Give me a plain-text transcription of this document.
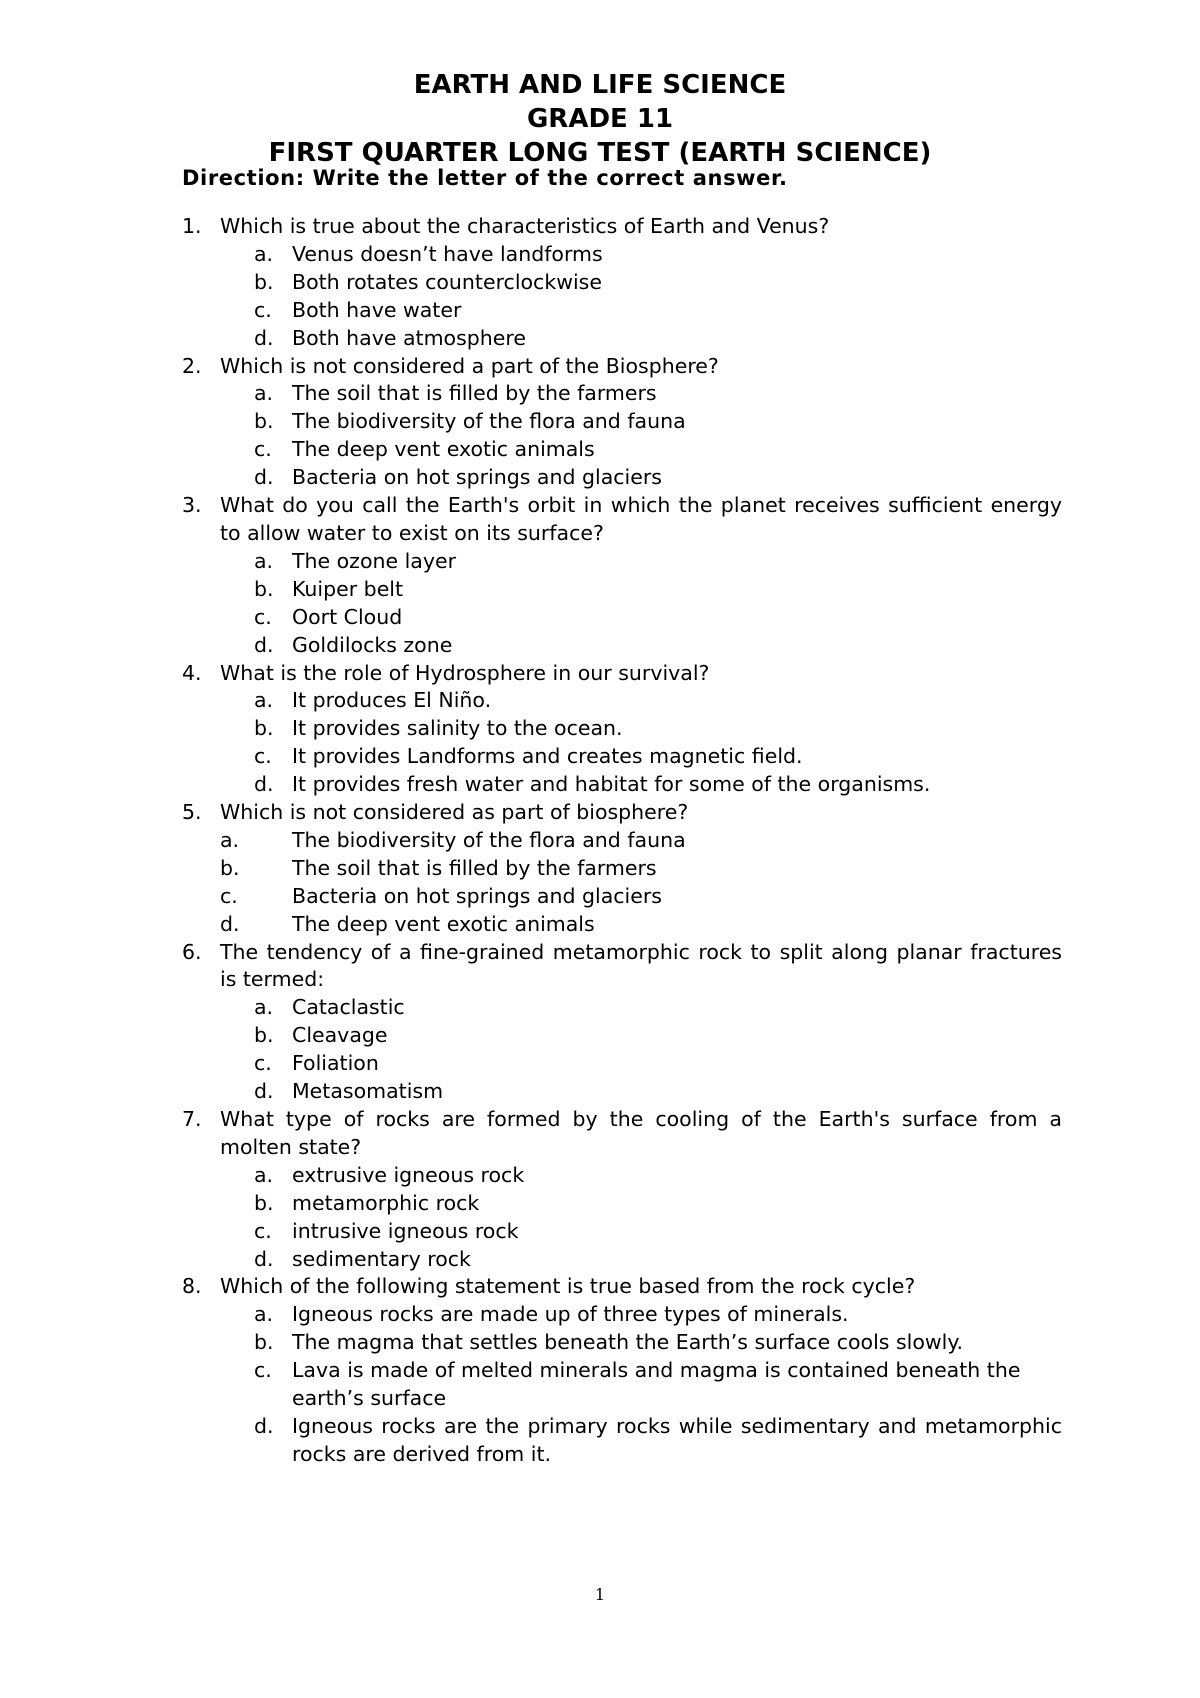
EARTH AND LIFE SCIENCE
GRADE 11
FIRST QUARTER LONG TEST (EARTH SCIENCE)
Direction: Write the letter of the correct answer.
1. Which is true about the characteristics of Earth and Venus?
a. Venus doesn’t have landforms
b. Both rotates counterclockwise
c. Both have water
d. Both have atmosphere
2. Which is not considered a part of the Biosphere?
a. The soil that is filled by the farmers
b. The biodiversity of the flora and fauna
c. The deep vent exotic animals
d. Bacteria on hot springs and glaciers
3. What do you call the Earth's orbit in which the planet receives sufficient energy to allow water to exist on its surface?
a. The ozone layer
b. Kuiper belt
c. Oort Cloud
d. Goldilocks zone
4. What is the role of Hydrosphere in our survival?
a. It produces El Niño.
b. It provides salinity to the ocean.
c. It provides Landforms and creates magnetic field.
d. It provides fresh water and habitat for some of the organisms.
5. Which is not considered as part of biosphere?
a.	The biodiversity of the flora and fauna
b.	The soil that is filled by the farmers
c.	Bacteria on hot springs and glaciers
d.	The deep vent exotic animals
6. The tendency of a fine-grained metamorphic rock to split along planar fractures is termed:
a. Cataclastic
b. Cleavage
c. Foliation
d. Metasomatism
7. What type of rocks are formed by the cooling of the Earth's surface from a molten state?
a. extrusive igneous rock
b. metamorphic rock
c. intrusive igneous rock
d. sedimentary rock
8. Which of the following statement is true based from the rock cycle?
a. Igneous rocks are made up of three types of minerals.
b. The magma that settles beneath the Earth’s surface cools slowly.
c. Lava is made of melted minerals and magma is contained beneath the
earth’s surface
d. Igneous rocks are the primary rocks while sedimentary and metamorphic rocks are derived from it.
1
